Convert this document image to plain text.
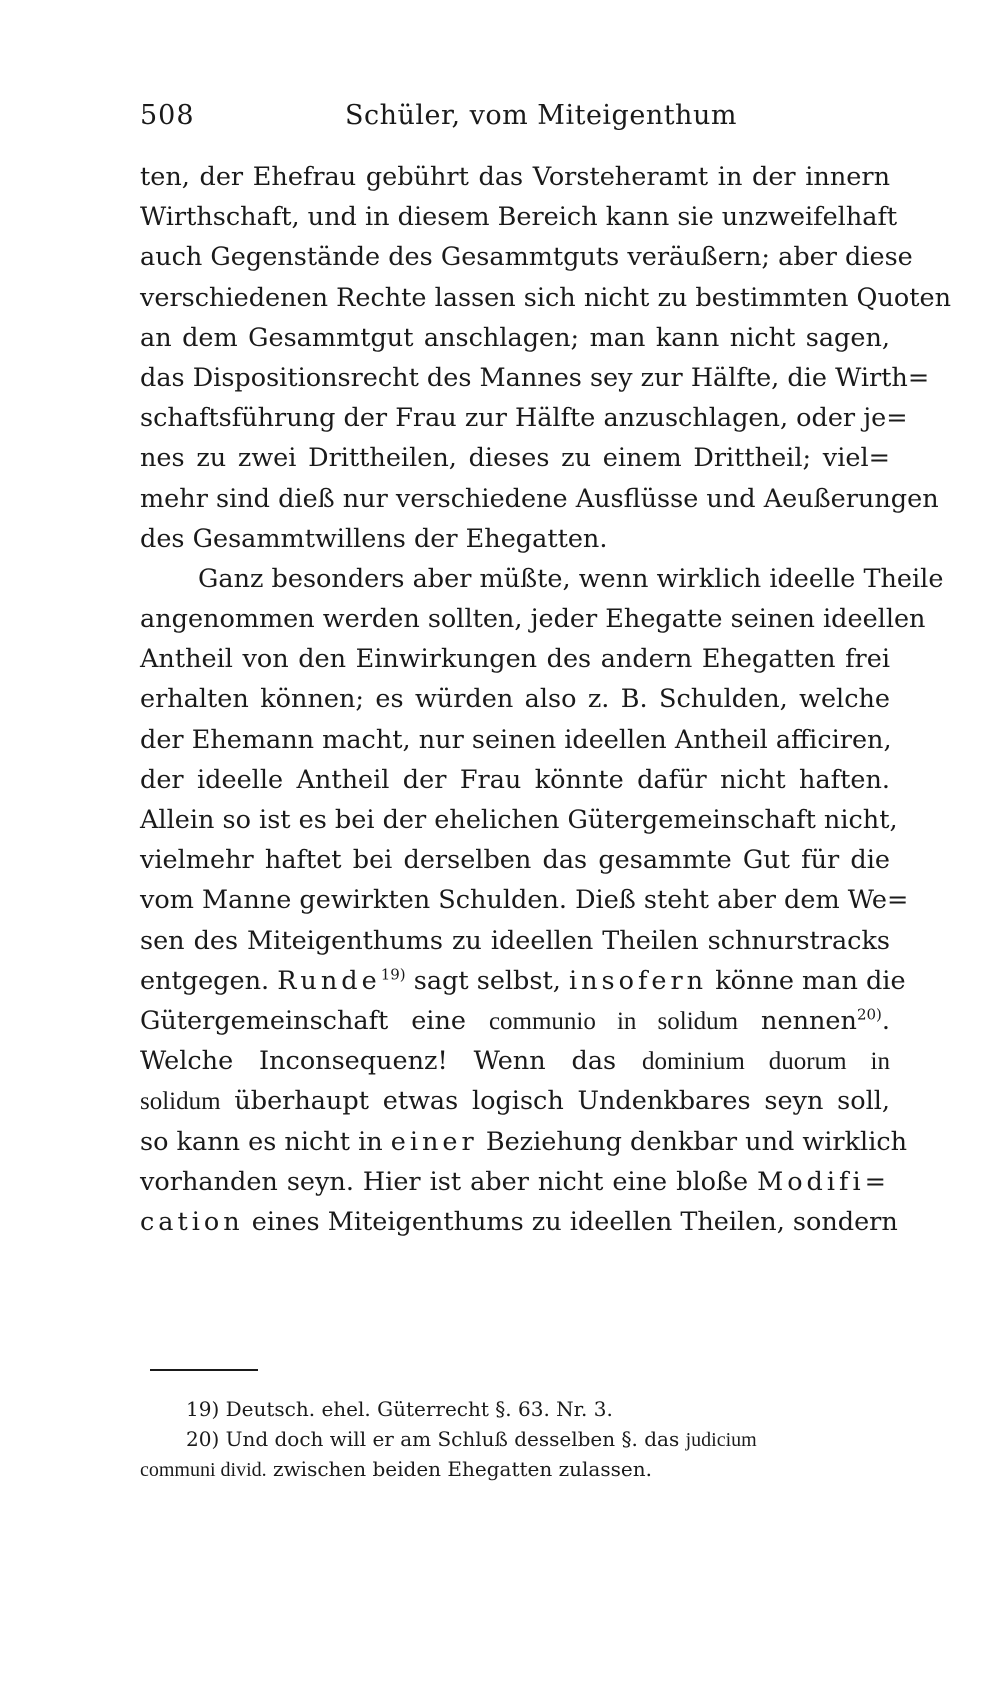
508	Schüler, vom Miteigenthum
ten, der Ehefrau gebührt das Vorsteheramt in der innern
Wirthschaft, und in diesem Bereich kann sie unzweifelhaft
auch Gegenstände des Gesammtguts veräußern; aber diese
verschiedenen Rechte lassen sich nicht zu bestimmten Quoten
an dem Gesammtgut anschlagen; man kann nicht sagen,
das Dispositionsrecht des Mannes sey zur Hälfte, die Wirth=
schaftsführung der Frau zur Hälfte anzuschlagen, oder je=
nes zu zwei Drittheilen, dieses zu einem Drittheil; viel=
mehr sind dieß nur verschiedene Ausflüsse und Aeußerungen
des Gesammtwillens der Ehegatten.
Ganz besonders aber müßte, wenn wirklich ideelle Theile
angenommen werden sollten, jeder Ehegatte seinen ideellen
Antheil von den Einwirkungen des andern Ehegatten frei
erhalten können; es würden also z. B. Schulden, welche
der Ehemann macht, nur seinen ideellen Antheil afficiren,
der ideelle Antheil der Frau könnte dafür nicht haften.
Allein so ist es bei der ehelichen Gütergemeinschaft nicht,
vielmehr haftet bei derselben das gesammte Gut für die
vom Manne gewirkten Schulden. Dieß steht aber dem We=
sen des Miteigenthums zu ideellen Theilen schnurstracks
entgegen. Runde$^{19)}$ sagt selbst, insofern könne man die
Gütergemeinschaft eine communio in solidum nennen$^{20)}$.
Welche Inconsequenz! Wenn das dominium duorum in
solidum überhaupt etwas logisch Undenkbares seyn soll,
so kann es nicht in einer Beziehung denkbar und wirklich
vorhanden seyn. Hier ist aber nicht eine bloße Modifi=
cation eines Miteigenthums zu ideellen Theilen, sondern
19) Deutsch. ehel. Güterrecht §. 63. Nr. 3.
20) Und doch will er am Schluß desselben §. das judicium
communi divid. zwischen beiden Ehegatten zulassen.
